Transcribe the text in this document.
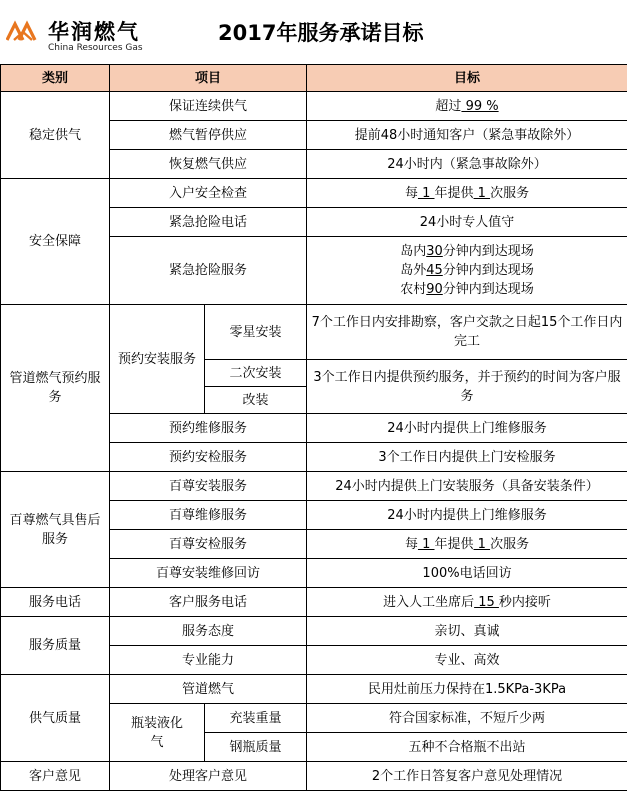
华润燃气
China Resources Gas
2017年服务承诺目标
类别	项目		目标
稳定供气	保证连续供气		超过 99 %
	燃气暂停供应		提前48小时通知客户（紧急事故除外）
	恢复燃气供应		24小时内（紧急事故除外）
安全保障	入户安全检查		每 1 年提供 1 次服务
	紧急抢险电话		24小时专人值守
	紧急抢险服务		岛内30分钟内到达现场
岛外45分钟内到达现场
农村90分钟内到达现场

管道燃气预约服务	预约安装服务	零星安装	7个工作日内安排勘察，客户交款之日起15个工作日内完工
		二次安装	3个工作日内提供预约服务，并于预约的时间为客户服务
		改装	
	预约维修服务		24小时内提供上门维修服务
	预约安检服务		3个工作日内提供上门安检服务
百尊燃气具售后服务	百尊安装服务		24小时内提供上门安装服务（具备安装条件）
	百尊维修服务		24小时内提供上门维修服务
	百尊安检服务		每 1 年提供 1 次服务
	百尊安装维修回访		100%电话回访
服务电话	客户服务电话		进入人工坐席后 15 秒内接听
服务质量	服务态度		亲切、真诚
	专业能力		专业、高效
供气质量	管道燃气		民用灶前压力保持在1.5KPa-3KPa
	瓶装液化气	充装重量	符合国家标准，不短斤少两
		钢瓶质量	五种不合格瓶不出站
客户意见	处理客户意见		2个工作日答复客户意见处理情况
